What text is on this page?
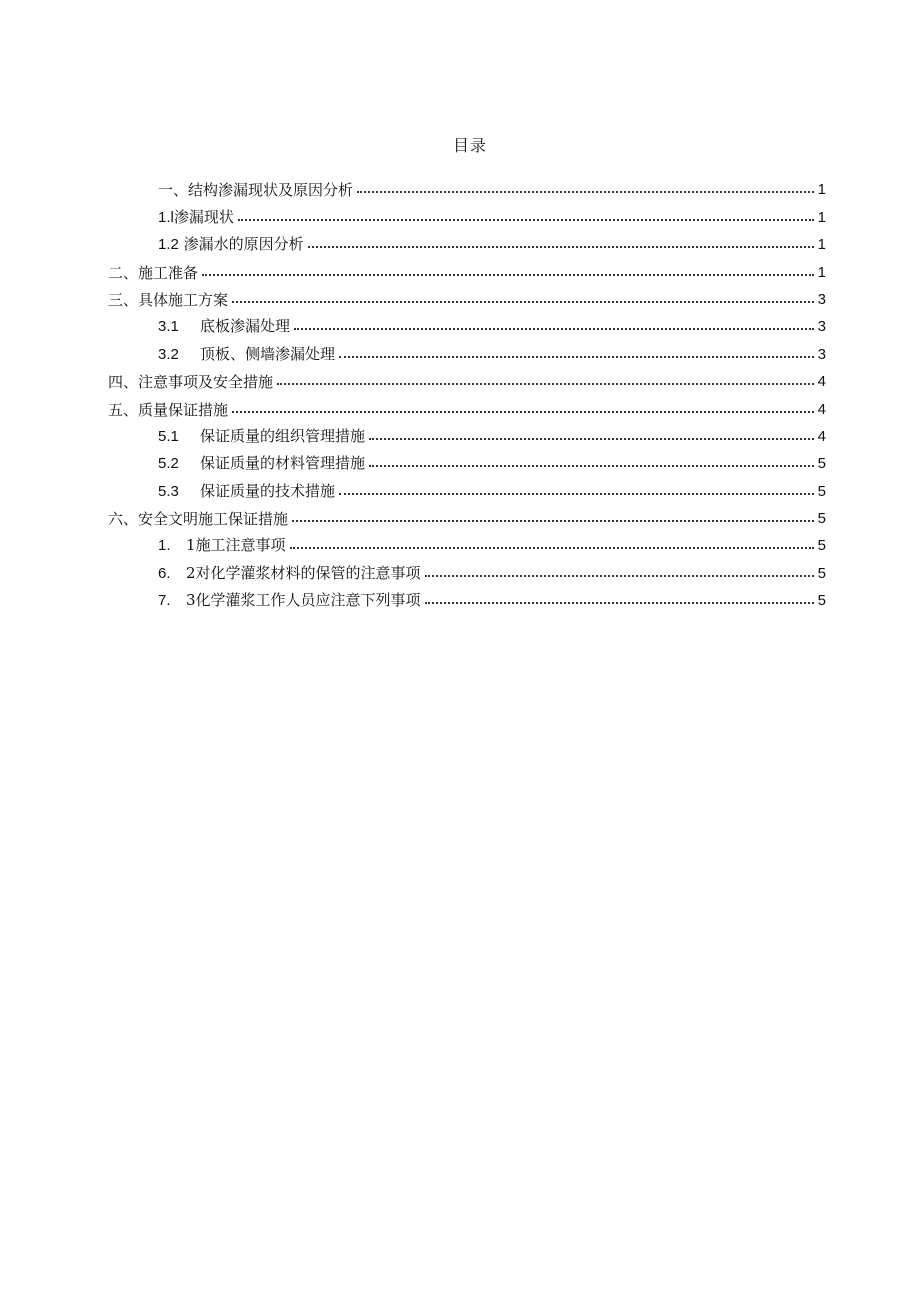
目录
一、结构渗漏现状及原因分析	1
1.l渗漏现状	1
1.2 渗漏水的原因分析	1
二、施工准备	1
三、具体施工方案	3
3.1 底板渗漏处理	3
3.2 顶板、侧墙渗漏处理	3
四、注意事项及安全措施	4
五、质量保证措施	4
5.1 保证质量的组织管理措施	4
5.2 保证质量的材料管理措施	5
5.3 保证质量的技术措施	5
六、安全文明施工保证措施	5
1. 1施工注意事项	5
6. 2对化学灌浆材料的保管的注意事项	5
7. 3化学灌浆工作人员应注意下列事项	5
